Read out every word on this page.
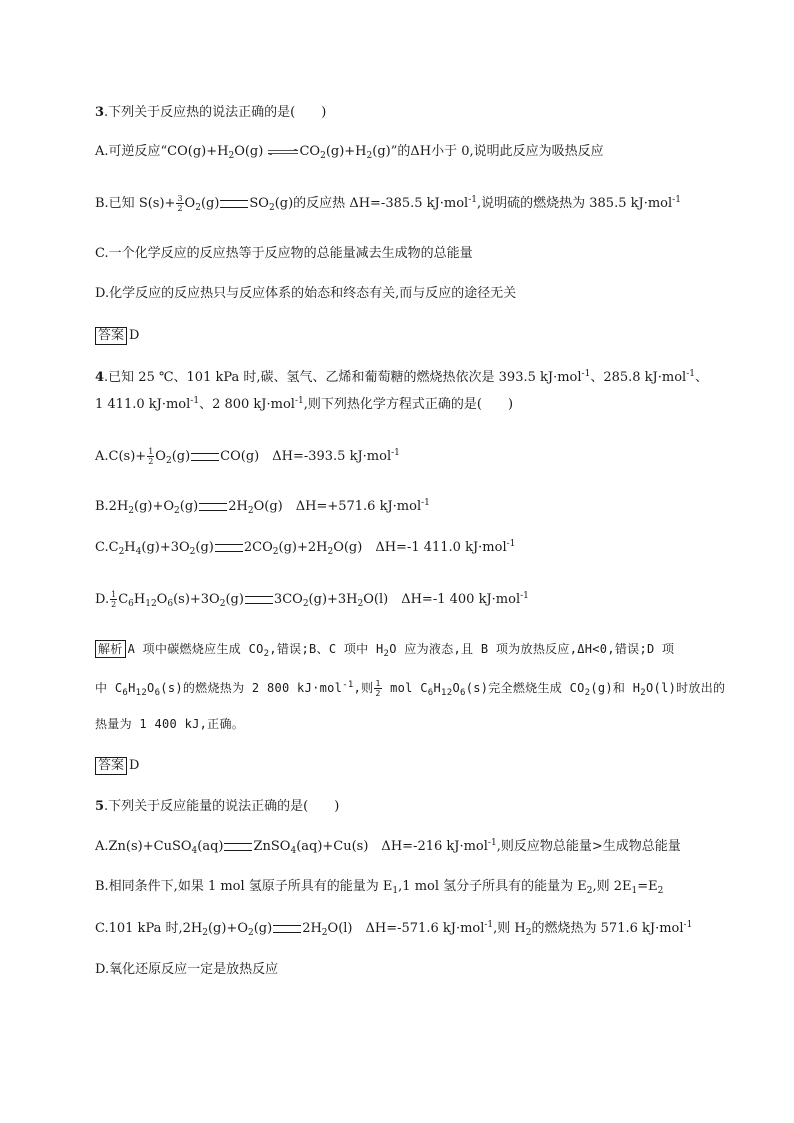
3.下列关于反应热的说法正确的是(　　)
A.可逆反应“$CO(g)+H_2O(g)$ $\rightleftharpoons CO_2(g)+H_2(g)$”的ΔH小于 0,说明此反应为吸热反应
B.已知 $S(s)+ \frac{3}{2} O_2(g)$ $SO_2(g)$的反应热 ΔH=-385.5 kJ·mol$^{-1}$,说明硫的燃烧热为 385.5 kJ·mol$^{-1}$
C.一个化学反应的反应热等于反应物的总能量减去生成物的总能量
D.化学反应的反应热只与反应体系的始态和终态有关,而与反应的途径无关
答案 D
4.已知 25 ℃、101 kPa 时,碳、氢气、乙烯和葡萄糖的燃烧热依次是 393.5 kJ·mol$^{-1}$、285.8 kJ·mol$^{-1}$、
1 411.0 kJ·mol$^{-1}$、2 800 kJ·mol$^{-1}$,则下列热化学方程式正确的是(　　)
$A.C(s)+ \frac{1}{2} O_2(g)$ CO(g)　ΔH=-393.5 kJ·mol$^{-1}$
$B.2H_2(g)+O_2(g)$ $2H_2O(g)$　ΔH=+571.6 kJ·mol$^{-1}$
$C.C_2H_4(g)+3O_2(g)$ $2CO_2(g)+2H_2O(g)$　ΔH=-1 411.0 kJ·mol$^{-1}$
D. $\frac{1}{2} C_6H_{12}O_6(s)+3O_2(g)$ $3CO_2(g)+3H_2O(l)$　ΔH=-1 400 kJ·mol$^{-1}$
解析 A 项中碳燃烧应生成 $CO_2$,错误;B、C 项中 $H_2O$ 应为液态,且 B 项为放热反应,ΔH<0,错误;D 项
中 $C_6H_{12}O_6(s)$的燃烧热为 2 800 kJ·mol$^{-1}$,则 $\frac{1}{2}$ mol $C_6H_{12}O_6(s)$完全燃烧生成 $CO_2(g)$和 $H_2O(l)$时放出的
热量为 1 400 kJ,正确。
答案 D
5.下列关于反应能量的说法正确的是(　　)
A.Zn(s)+CuSO$_4$(aq) ZnSO$_4$(aq)+Cu(s)　ΔH=-216 kJ·mol$^{-1}$,则反应物总能量>生成物总能量
B.相同条件下,如果 1 mol 氢原子所具有的能量为 $E_1,1$ mol 氢分子所具有的能量为 $E_2$,则 $2E_1=E_2$
C.101 kPa 时$,2H_2(g)+O_2(g)$ $2H_2O(l)$　ΔH=-571.6 kJ·mol$^{-1}$,则 $H_2$的燃烧热为 571.6 kJ·mol$^{-1}$
D.氧化还原反应一定是放热反应
